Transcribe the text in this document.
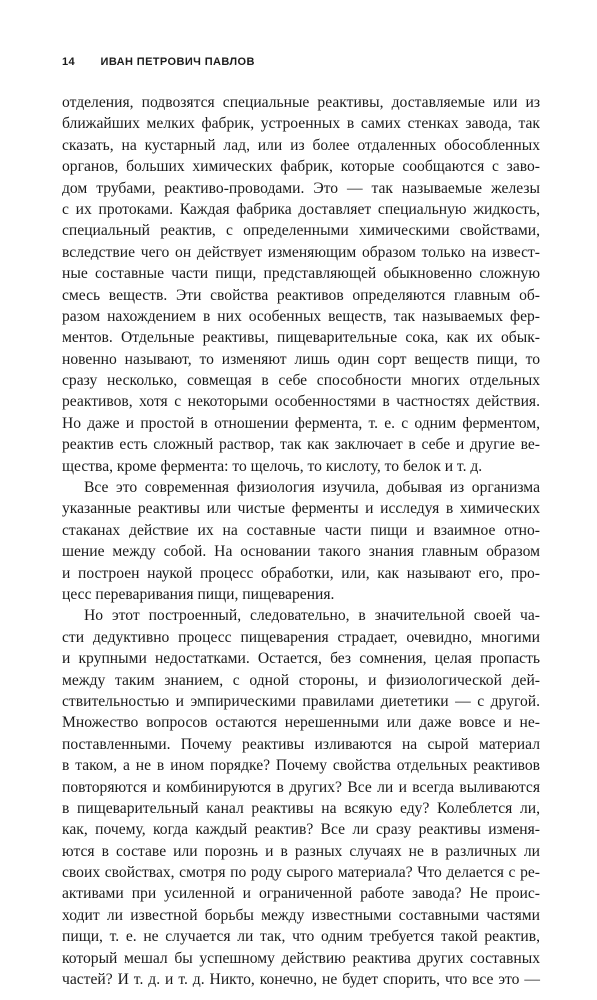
14 ИВАН ПЕТРОВИЧ ПАВЛОВ
отделения, подвозятся специальные реактивы, доставляемые или из
ближайших мелких фабрик, устроенных в самих стенках завода, так
сказать, на кустарный лад, или из более отдаленных обособленных
органов, больших химических фабрик, которые сообщаются с заво-
дом трубами, реактиво-проводами. Это — так называемые железы
с их протоками. Каждая фабрика доставляет специальную жидкость,
специальный реактив, с определенными химическими свойствами,
вследствие чего он действует изменяющим образом только на извест-
ные составные части пищи, представляющей обыкновенно сложную
смесь веществ. Эти свойства реактивов определяются главным об-
разом нахождением в них особенных веществ, так называемых фер-
ментов. Отдельные реактивы, пищеварительные сока, как их обык-
новенно называют, то изменяют лишь один сорт веществ пищи, то
сразу несколько, совмещая в себе способности многих отдельных
реактивов, хотя с некоторыми особенностями в частностях действия.
Но даже и простой в отношении фермента, т. е. с одним ферментом,
реактив есть сложный раствор, так как заключает в себе и другие ве-
щества, кроме фермента: то щелочь, то кислоту, то белок и т. д.
Все это современная физиология изучила, добывая из организма
указанные реактивы или чистые ферменты и исследуя в химических
стаканах действие их на составные части пищи и взаимное отно-
шение между собой. На основании такого знания главным образом
и построен наукой процесс обработки, или, как называют его, про-
цесс переваривания пищи, пищеварения.
Но этот построенный, следовательно, в значительной своей ча-
сти дедуктивно процесс пищеварения страдает, очевидно, многими
и крупными недостатками. Остается, без сомнения, целая пропасть
между таким знанием, с одной стороны, и физиологической дей-
ствительностью и эмпирическими правилами диететики — с другой.
Множество вопросов остаются нерешенными или даже вовсе и не-
поставленными. Почему реактивы изливаются на сырой материал
в таком, а не в ином порядке? Почему свойства отдельных реактивов
повторяются и комбинируются в других? Все ли и всегда выливаются
в пищеварительный канал реактивы на всякую еду? Колеблется ли,
как, почему, когда каждый реактив? Все ли сразу реактивы изменя-
ются в составе или порознь и в разных случаях не в различных ли
своих свойствах, смотря по роду сырого материала? Что делается с ре-
активами при усиленной и ограниченной работе завода? Не проис-
ходит ли известной борьбы между известными составными частями
пищи, т. е. не случается ли так, что одним требуется такой реактив,
который мешал бы успешному действию реактива других составных
частей? И т. д. и т. д. Никто, конечно, не будет спорить, что все это —
